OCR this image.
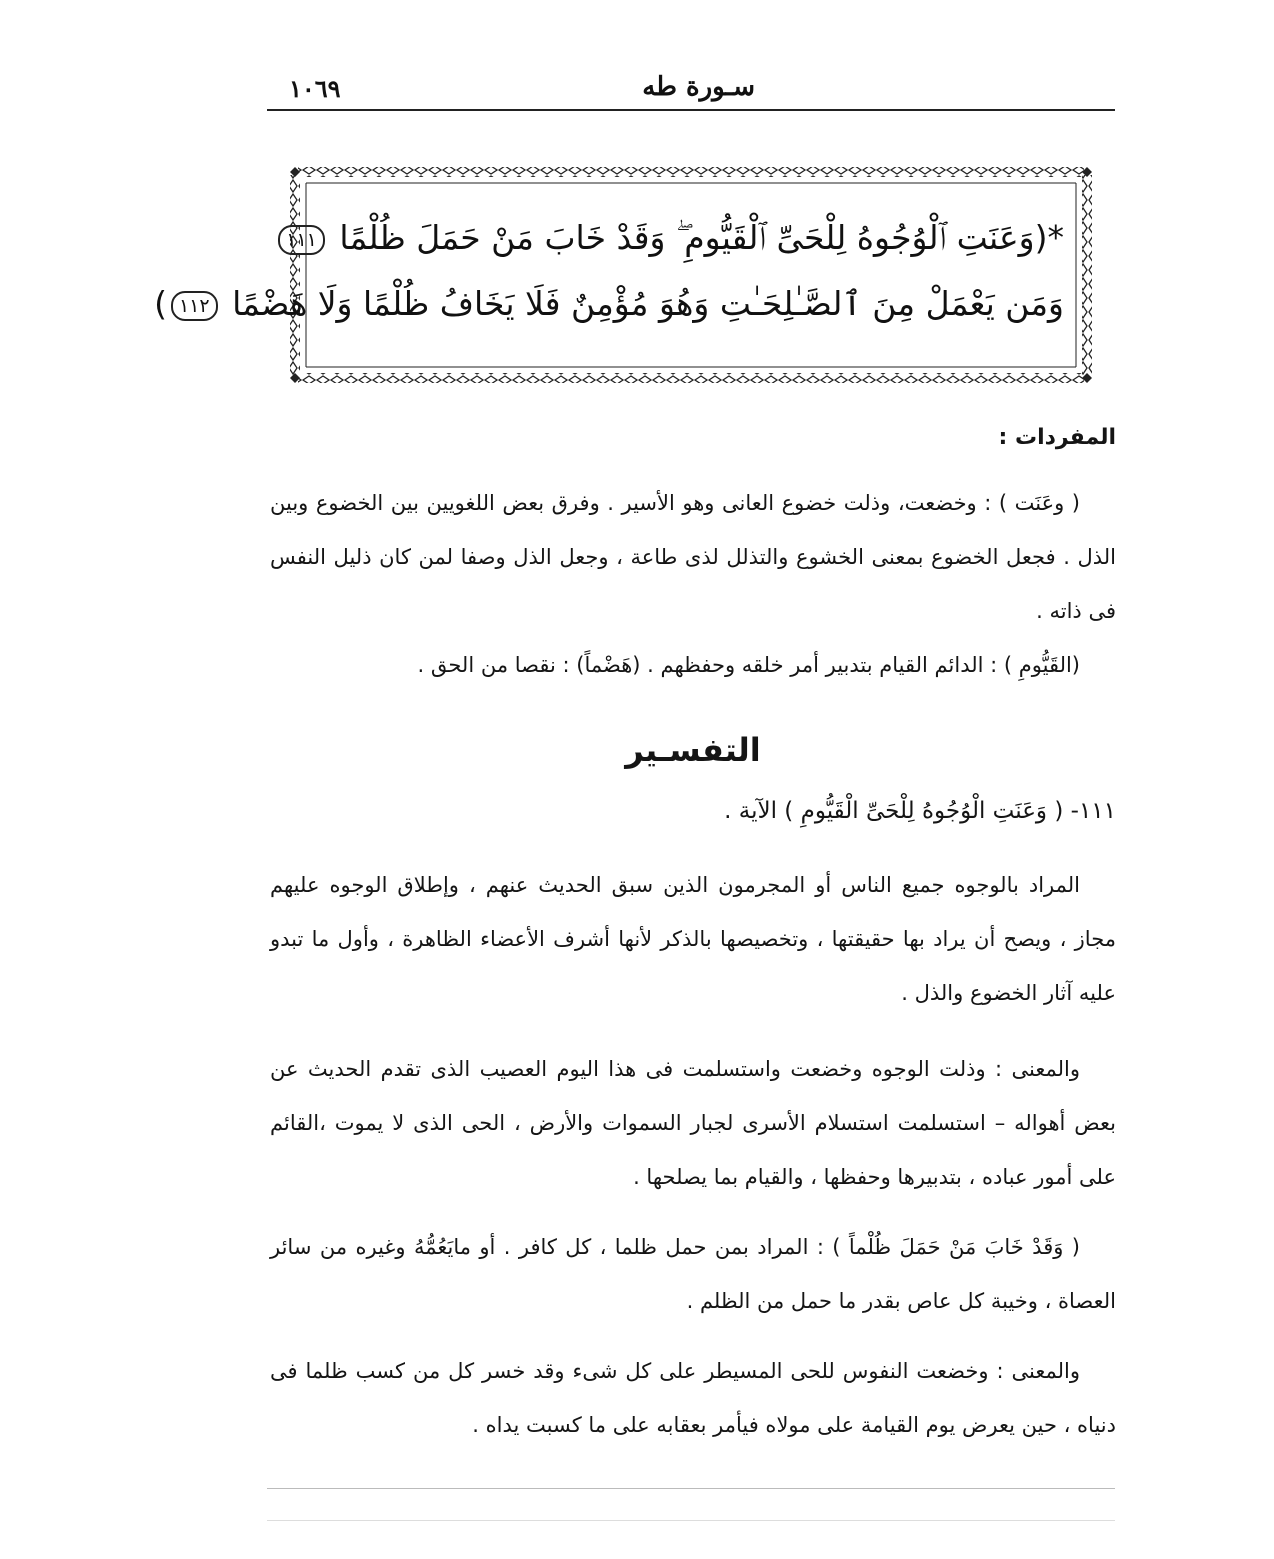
سـورة طه
١٠٦٩
*(وَعَنَتِ ٱلْوُجُوهُ لِلْحَىِّ ٱلْقَيُّومِ ۖ وَقَدْ خَابَ مَنْ حَمَلَ ظُلْمًا ١١١
وَمَن يَعْمَلْ مِنَ ٱلصَّـٰلِحَـٰتِ وَهُوَ مُؤْمِنٌ فَلَا يَخَافُ ظُلْمًا وَلَا هَضْمًا ١١٢)
المفردات :

( وعَنَت ) : وخضعت، وذلت خضوع العانى وهو الأسير . وفرق بعض اللغويين بين الخضوع وبين الذل . فجعل الخضوع بمعنى الخشوع والتذلل لذى طاعة ، وجعل الذل وصفا لمن كان ذليل النفس فى ذاته .

(القَيُّومِ ) : الدائم القيام بتدبير أمر خلقه وحفظهم . (هَضْماً) : نقصا من الحق .

التفسـير

١١١- ( وَعَنَتِ الْوُجُوهُ لِلْحَىِّ الْقَيُّومِ ) الآية .

المراد بالوجوه جميع الناس أو المجرمون الذين سبق الحديث عنهم ، وإطلاق الوجوه عليهم مجاز ، ويصح أن يراد بها حقيقتها ، وتخصيصها بالذكر لأنها أشرف الأعضاء الظاهرة ، وأول ما تبدو عليه آثار الخضوع والذل .

والمعنى : وذلت الوجوه وخضعت واستسلمت فى هذا اليوم العصيب الذى تقدم الحديث عن بعض أهواله – استسلمت استسلام الأسرى لجبار السموات والأرض ، الحى الذى لا يموت ،القائم على أمور عباده ، بتدبيرها وحفظها ، والقيام بما يصلحها .

( وَقَدْ خَابَ مَنْ حَمَلَ ظُلْماً ) : المراد بمن حمل ظلما ، كل كافر . أو مايَعُمُّهُ وغيره من سائر العصاة ، وخيبة كل عاص بقدر ما حمل من الظلم .

والمعنى : وخضعت النفوس للحى المسيطر على كل شىء وقد خسر كل من كسب ظلما فى دنياه ، حين يعرض يوم القيامة على مولاه فيأمر بعقابه على ما كسبت يداه .
